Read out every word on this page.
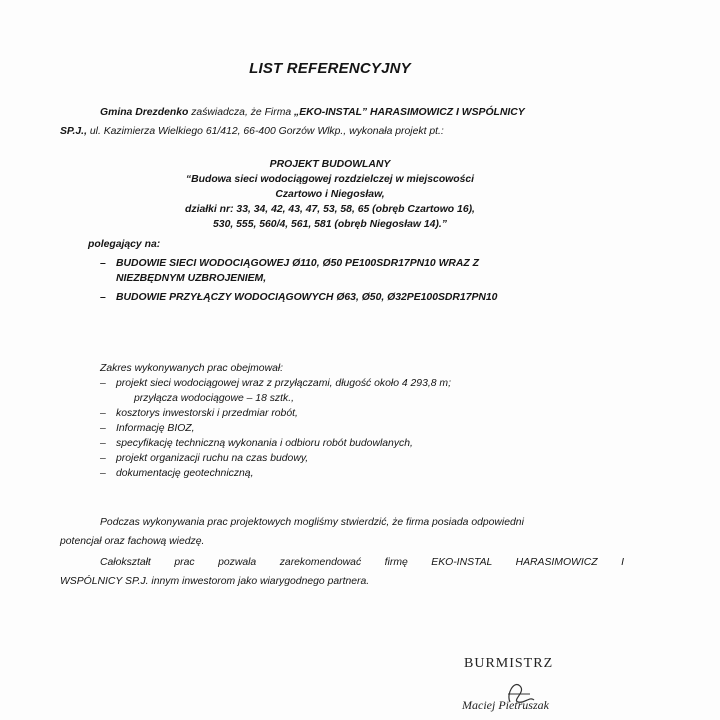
LIST REFERENCYJNY
Gmina Drezdenko zaświadcza, że Firma „EKO-INSTAL” HARASIMOWICZ I WSPÓLNICY
SP.J., ul. Kazimierza Wielkiego 61/412, 66-400 Gorzów Wlkp., wykonała projekt pt.:
PROJEKT BUDOWLANY
“Budowa sieci wodociągowej rozdzielczej w miejscowości
Czartowo i Niegosław,
działki nr: 33, 34, 42, 43, 47, 53, 58, 65 (obręb Czartowo 16),
530, 555, 560/4, 561, 581 (obręb Niegosław 14).”
polegający na:
– BUDOWIE SIECI WODOCIĄGOWEJ Ø110, Ø50 PE100SDR17PN10 WRAZ Z
NIEZBĘDNYM UZBROJENIEM,
– BUDOWIE PRZYŁĄCZY WODOCIĄGOWYCH Ø63, Ø50, Ø32PE100SDR17PN10
Zakres wykonywanych prac obejmował:
– projekt sieci wodociągowej wraz z przyłączami, długość około 4 293,8 m;
przyłącza wodociągowe – 18 sztk.,
– kosztorys inwestorski i przedmiar robót,
– Informację BIOZ,
– specyfikację techniczną wykonania i odbioru robót budowlanych,
– projekt organizacji ruchu na czas budowy,
– dokumentację geotechniczną,
Podczas wykonywania prac projektowych mogliśmy stwierdzić, że firma posiada odpowiedni
potencjał oraz fachową wiedzę.
Całokształt prac pozwala zarekomendować firmę EKO-INSTAL HARASIMOWICZ I
WSPÓLNICY SP.J. innym inwestorom jako wiarygodnego partnera.
BURMISTRZ
Maciej Pietruszak
